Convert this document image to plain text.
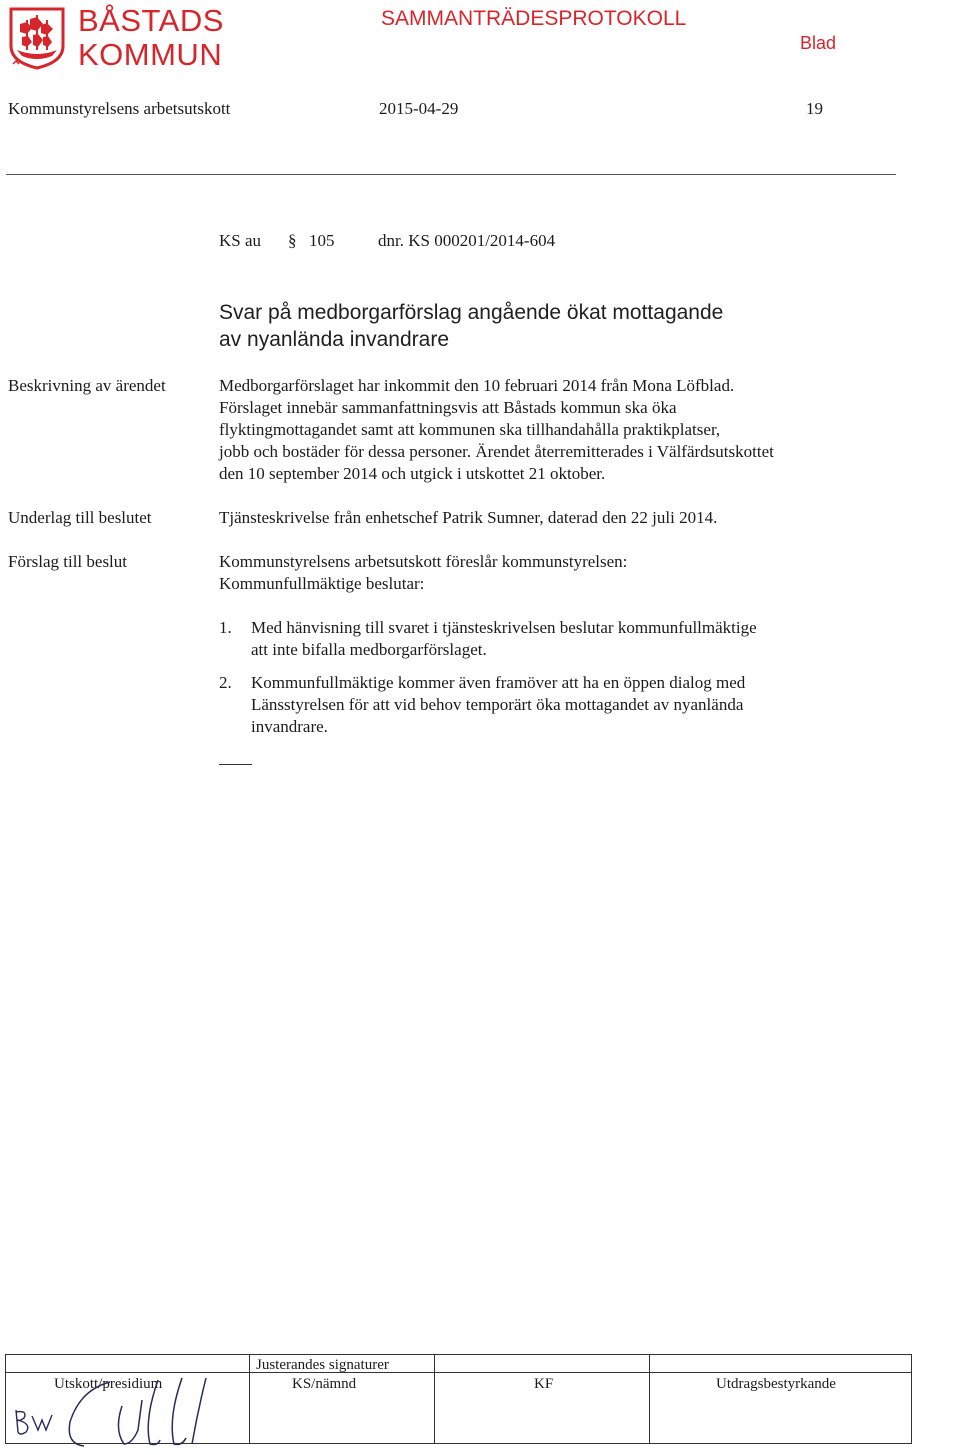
BÅSTADS
KOMMUN
SAMMANTRÄDESPROTOKOLL
Blad
Kommunstyrelsens arbetsutskott	2015-04-29	19
KS au § 105	dnr. KS 000201/2014-604
Svar på medborgarförslag angående ökat mottagande
av nyanlända invandrare
Beskrivning av ärendet	Medborgarförslaget har inkommit den 10 februari 2014 från Mona Löfblad.
Förslaget innebär sammanfattningsvis att Båstads kommun ska öka
flyktingmottagandet samt att kommunen ska tillhandahålla praktikplatser,
jobb och bostäder för dessa personer. Ärendet återremitterades i Välfärdsutskottet
den 10 september 2014 och utgick i utskottet 21 oktober.
Underlag till beslutet	Tjänsteskrivelse från enhetschef Patrik Sumner, daterad den 22 juli 2014.
Förslag till beslut	Kommunstyrelsens arbetsutskott föreslår kommunstyrelsen:
Kommunfullmäktige beslutar:
1. Med hänvisning till svaret i tjänsteskrivelsen beslutar kommunfullmäktige
att inte bifalla medborgarförslaget.
2. Kommunfullmäktige kommer även framöver att ha en öppen dialog med
Länsstyrelsen för att vid behov temporärt öka mottagandet av nyanlända
invandrare.
Justerandes signaturer
Utskott/presidium	KS/nämnd	KF	Utdragsbestyrkande
